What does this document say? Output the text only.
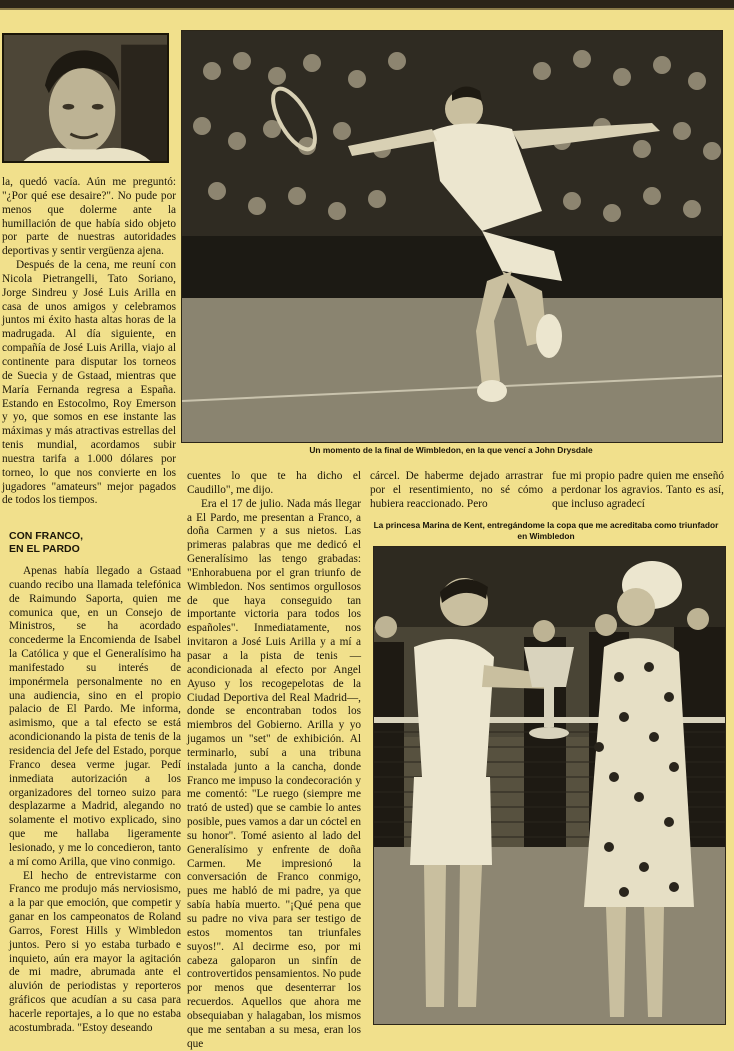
Un momento de la final de Wimbledon, en la que vencí a John Drysdale
La princesa Marina de Kent, entregándome la copa que me acreditaba como triunfador en Wimbledon

la, quedó vacía. Aún me preguntó: "¿Por qué ese desaire?". No pude por menos que dolerme ante la humillación de que había sido objeto por parte de nuestras autoridades deportivas y sentir vergüenza ajena.

Después de la cena, me reuní con Nicola Pietrangelli, Tato Soriano, Jorge Sindreu y José Luis Arilla en casa de unos amigos y celebramos juntos mi éxito hasta altas horas de la madrugada. Al día siguiente, en compañía de José Luis Arilla, viajo al continente para disputar los torneos de Suecia y de Gstaad, mientras que María Fernanda regresa a España. Estando en Estocolmo, Roy Emerson y yo, que somos en ese instante las máximas y más atractivas estrellas del tenis mundial, acordamos subir nuestra tarifa a 1.000 dólares por torneo, lo que nos convierte en los jugadores "amateurs" mejor pagados de todos los tiempos.

CON FRANCO,
EN EL PARDO

Apenas había llegado a Gstaad cuando recibo una llamada telefónica de Raimundo Saporta, quien me comunica que, en un Consejo de Ministros, se ha acordado concederme la Encomienda de Isabel la Católica y que el Generalísimo ha manifestado su interés de imponérmela personalmente no en una audiencia, sino en el propio palacio de El Pardo. Me informa, asimismo, que a tal efecto se está acondicionando la pista de tenis de la residencia del Jefe del Estado, porque Franco desea verme jugar. Pedí inmediata autorización a los organizadores del torneo suizo para desplazarme a Madrid, alegando no solamente el motivo explicado, sino que me hallaba ligeramente lesionado, y me lo concedieron, tanto a mí como Arilla, que vino conmigo.

El hecho de entrevistarme con Franco me produjo más nerviosismo, a la par que emoción, que competir y ganar en los campeonatos de Roland Garros, Forest Hills y Wimbledon juntos. Pero si yo estaba turbado e inquieto, aún era mayor la agitación de mi madre, abrumada ante el aluvión de periodistas y reporteros gráficos que acudían a su casa para hacerle reportajes, a lo que no estaba acostumbrada. "Estoy deseando

cuentes lo que te ha dicho el Caudillo", me dijo.

Era el 17 de julio. Nada más llegar a El Pardo, me presentan a Franco, a doña Carmen y a sus nietos. Las primeras palabras que me dedicó el Generalísimo las tengo grabadas: "Enhorabuena por el gran triunfo de Wimbledon. Nos sentimos orgullosos de que haya conseguido tan importante victoria para todos los españoles". Inmediatamente, nos invitaron a José Luis Arilla y a mí a pasar a la pista de tenis —acondicionada al efecto por Angel Ayuso y los recogepelotas de la Ciudad Deportiva del Real Madrid—, donde se encontraban todos los miembros del Gobierno. Arilla y yo jugamos un "set" de exhibición. Al terminarlo, subí a una tribuna instalada junto a la cancha, donde Franco me impuso la condecoración y me comentó: "Le ruego (siempre me trató de usted) que se cambie lo antes posible, pues vamos a dar un cóctel en su honor". Tomé asiento al lado del Generalísimo y enfrente de doña Carmen. Me impresionó la conversación de Franco conmigo, pues me habló de mi padre, ya que sabía había muerto. "¡Qué pena que su padre no viva para ser testigo de estos momentos tan triunfales suyos!". Al decirme eso, por mi cabeza galoparon un sinfín de controvertidos pensamientos. No pude por menos que desenterrar los recuerdos. Aquellos que ahora me obsequiaban y halagaban, los mismos que me sentaban a su mesa, eran los que

cárcel. De haberme dejado arrastrar por el resentimiento, no sé cómo hubiera reaccionado. Pero

fue mi propio padre quien me enseñó a perdonar los agravios. Tanto es así, que incluso agradecí
